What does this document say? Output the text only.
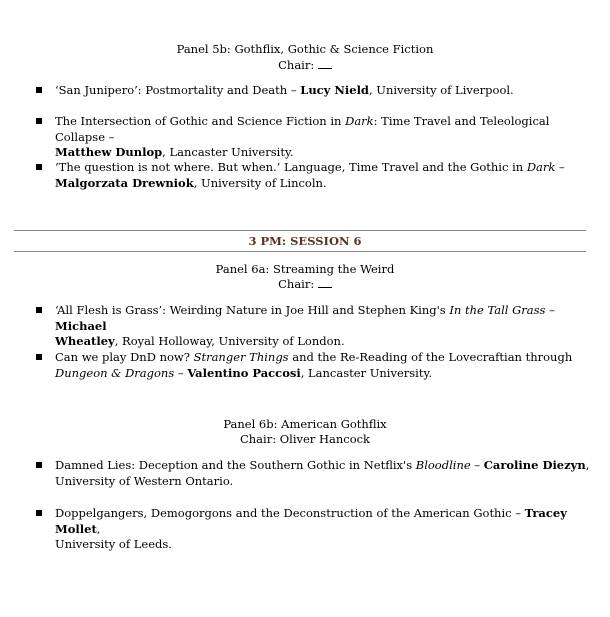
Panel 5b: Gothflix, Gothic & Science Fiction
Chair:
‘San Junipero’: Postmortality and Death – Lucy Nield, University of Liverpool.
The Intersection of Gothic and Science Fiction in Dark: Time Travel and Teleological Collapse –
Matthew Dunlop, Lancaster University.
‘The question is not where. But when.’ Language, Time Travel and the Gothic in Dark –
Malgorzata Drewniok, University of Lincoln.
3 PM: SESSION 6
Panel 6a: Streaming the Weird
Chair:
‘All Flesh is Grass’: Weirding Nature in Joe Hill and Stephen King's In the Tall Grass – Michael
Wheatley, Royal Holloway, University of London.
Can we play DnD now? Stranger Things and the Re-Reading of the Lovecraftian through
Dungeon & Dragons – Valentino Paccosi, Lancaster University.
Panel 6b: American Gothflix
Chair: Oliver Hancock
Damned Lies: Deception and the Southern Gothic in Netflix's Bloodline – Caroline Diezyn,
University of Western Ontario.
Doppelgangers, Demogorgons and the Deconstruction of the American Gothic – Tracey Mollet,
University of Leeds.
